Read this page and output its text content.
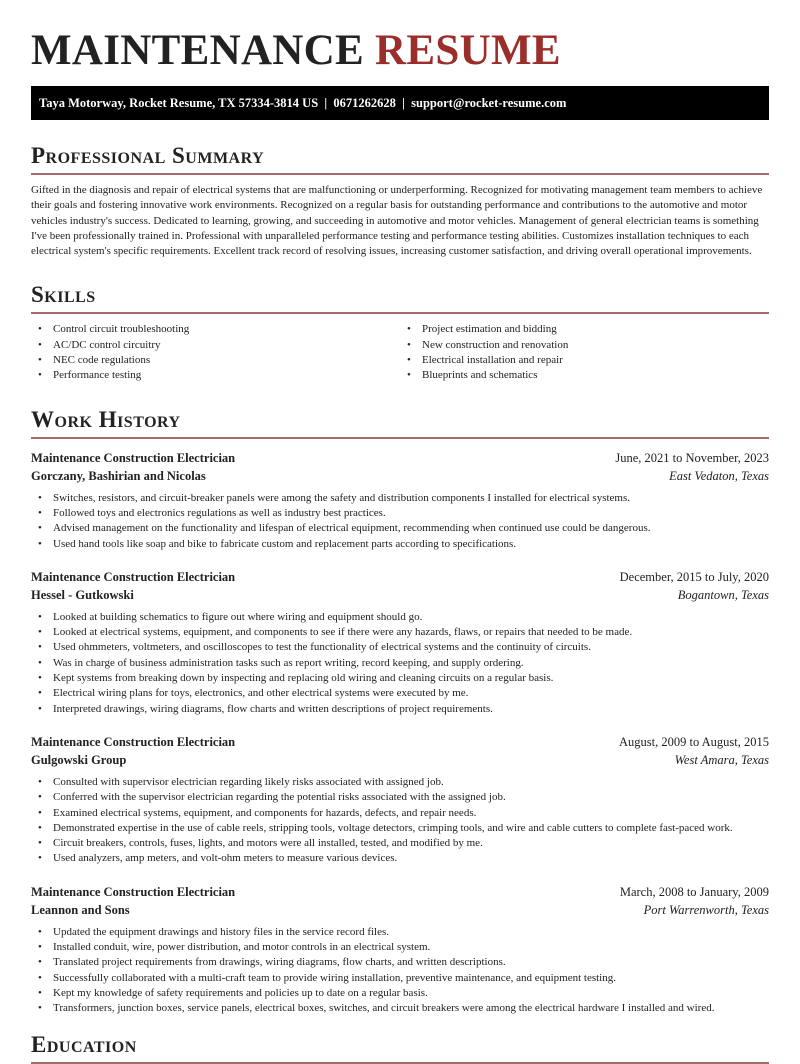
MAINTENANCE RESUME
Taya Motorway, Rocket Resume, TX 57334-3814 US  |  0671262628  |  support@rocket-resume.com
Professional Summary

Gifted in the diagnosis and repair of electrical systems that are malfunctioning or underperforming. Recognized for motivating management team members to achieve their goals and fostering innovative work environments. Recognized on a regular basis for outstanding performance and contributions to the automotive and motor vehicles industry's success. Dedicated to learning, growing, and succeeding in automotive and motor vehicles. Management of general electrician teams is something I've been professionally trained in. Professional with unparalleled performance testing and performance testing abilities. Customizes installation techniques to each electrical system's specific requirements. Excellent track record of resolving issues, increasing customer satisfaction, and driving overall operational improvements.

Skills
• Control circuit troubleshooting
• AC/DC control circuitry
• NEC code regulations
• Performance testing
• Project estimation and bidding
• New construction and renovation
• Electrical installation and repair
• Blueprints and schematics
Work History
Maintenance Construction Electrician	June, 2021 to November, 2023
Gorczany, Bashirian and Nicolas	East Vedaton, Texas
• Switches, resistors, and circuit-breaker panels were among the safety and distribution components I installed for electrical systems.
• Followed toys and electronics regulations as well as industry best practices.
• Advised management on the functionality and lifespan of electrical equipment, recommending when continued use could be dangerous.
• Used hand tools like soap and bike to fabricate custom and replacement parts according to specifications.
Maintenance Construction Electrician	December, 2015 to July, 2020
Hessel - Gutkowski	Bogantown, Texas
• Looked at building schematics to figure out where wiring and equipment should go.
• Looked at electrical systems, equipment, and components to see if there were any hazards, flaws, or repairs that needed to be made.
• Used ohmmeters, voltmeters, and oscilloscopes to test the functionality of electrical systems and the continuity of circuits.
• Was in charge of business administration tasks such as report writing, record keeping, and supply ordering.
• Kept systems from breaking down by inspecting and replacing old wiring and cleaning circuits on a regular basis.
• Electrical wiring plans for toys, electronics, and other electrical systems were executed by me.
• Interpreted drawings, wiring diagrams, flow charts and written descriptions of project requirements.
Maintenance Construction Electrician	August, 2009 to August, 2015
Gulgowski Group	West Amara, Texas
• Consulted with supervisor electrician regarding likely risks associated with assigned job.
• Conferred with the supervisor electrician regarding the potential risks associated with the assigned job.
• Examined electrical systems, equipment, and components for hazards, defects, and repair needs.
• Demonstrated expertise in the use of cable reels, stripping tools, voltage detectors, crimping tools, and wire and cable cutters to complete fast-paced work.
• Circuit breakers, controls, fuses, lights, and motors were all installed, tested, and modified by me.
• Used analyzers, amp meters, and volt-ohm meters to measure various devices.
Maintenance Construction Electrician	March, 2008 to January, 2009
Leannon and Sons	Port Warrenworth, Texas
• Updated the equipment drawings and history files in the service record files.
• Installed conduit, wire, power distribution, and motor controls in an electrical system.
• Translated project requirements from drawings, wiring diagrams, flow charts, and written descriptions.
• Successfully collaborated with a multi-craft team to provide wiring installation, preventive maintenance, and equipment testing.
• Kept my knowledge of safety requirements and policies up to date on a regular basis.
• Transformers, junction boxes, service panels, electrical boxes, switches, and circuit breakers were among the electrical hardware I installed and wired.
Education
